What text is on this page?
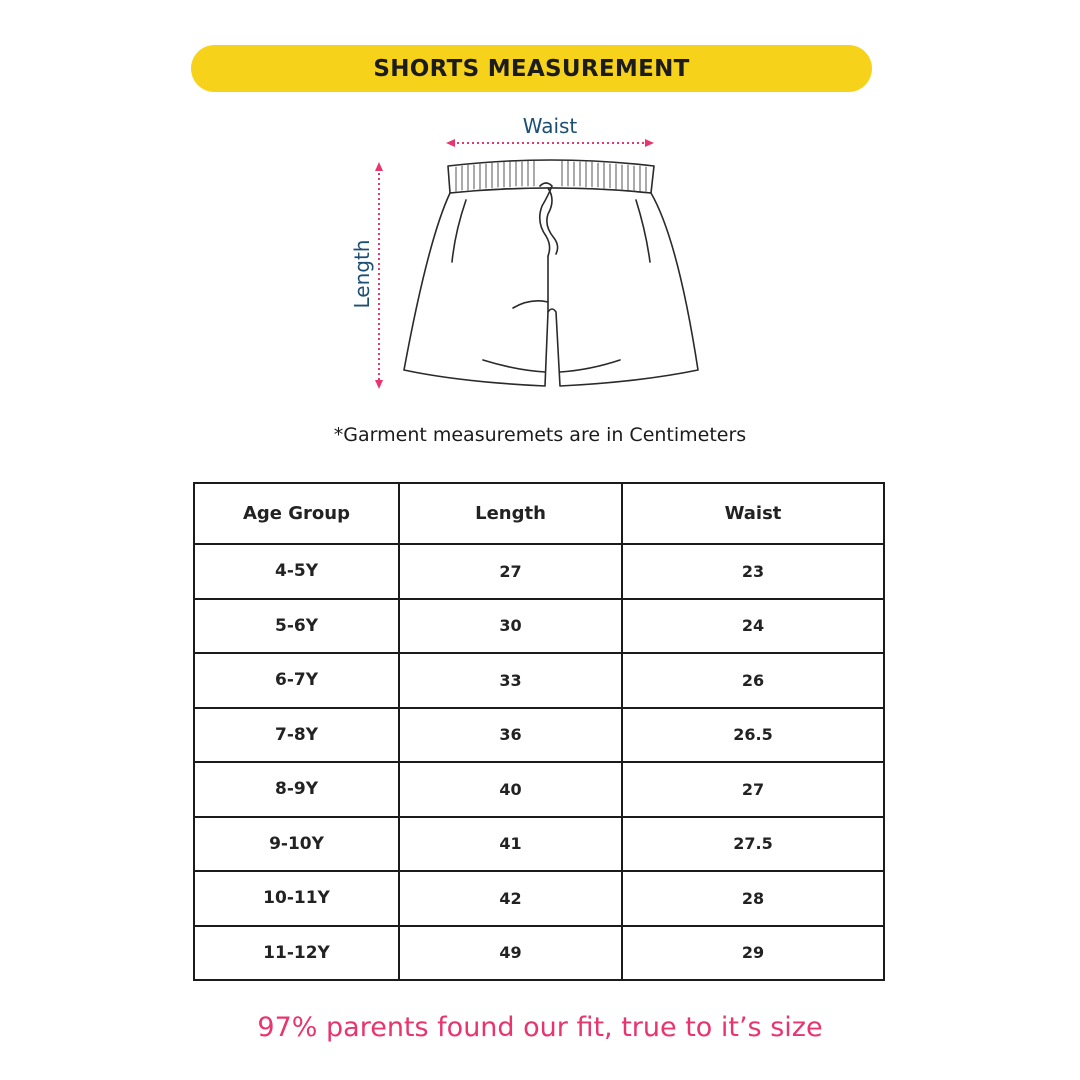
SHORTS MEASUREMENT
Waist
Length
*Garment measuremets are in Centimeters
Age Group	Length	Waist
4-5Y	27	23
5-6Y	30	24
6-7Y	33	26
7-8Y	36	26.5
8-9Y	40	27
9-10Y	41	27.5
10-11Y	42	28
11-12Y	49	29
97% parents found our fit, true to it’s size
